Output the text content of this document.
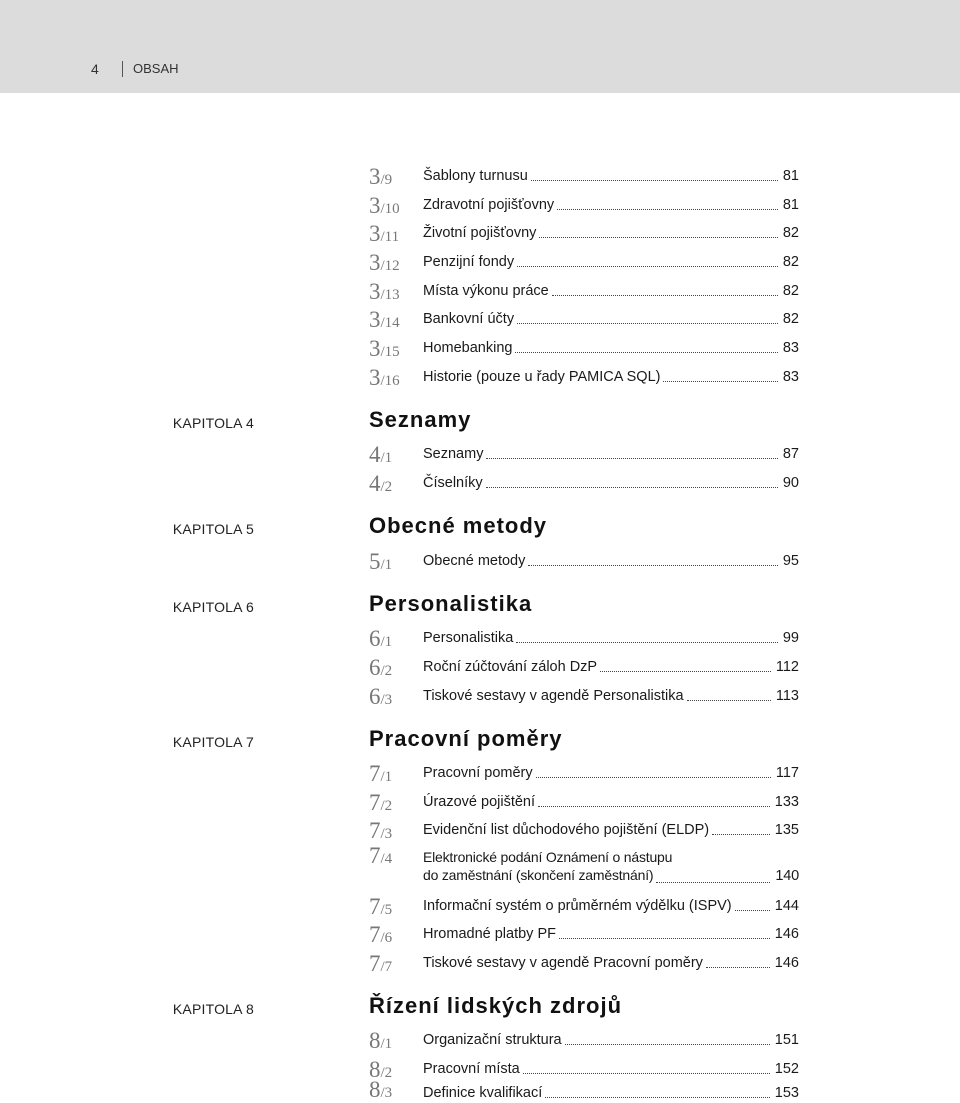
4	OBSAH
3/9	Šablony turnusu	81
3/10	Zdravotní pojišťovny	81
3/11	Životní pojišťovny	82
3/12	Penzijní fondy	82
3/13	Místa výkonu práce	82
3/14	Bankovní účty	82
3/15	Homebanking	83
3/16	Historie (pouze u řady PAMICA SQL)	83
KAPITOLA 4	Seznamy
4/1	Seznamy	87
4/2	Číselníky	90
KAPITOLA 5	Obecné metody
5/1	Obecné metody	95
KAPITOLA 6	Personalistika
6/1	Personalistika	99
6/2	Roční zúčtování záloh DzP	112
6/3	Tiskové sestavy v agendě Personalistika	113
KAPITOLA 7	Pracovní poměry
7/1	Pracovní poměry	117
7/2	Úrazové pojištění	133
7/3	Evidenční list důchodového pojištění (ELDP)	135
7/4	Elektronické podání Oznámení o nástupu
do zaměstnání (skončení zaměstnání)	140
7/5	Informační systém o průměrném výdělku (ISPV)	144
7/6	Hromadné platby PF	146
7/7	Tiskové sestavy v agendě Pracovní poměry	146
KAPITOLA 8	Řízení lidských zdrojů
8/1	Organizační struktura	151
8/2	Pracovní místa	152
8/3	Definice kvalifikací	153
